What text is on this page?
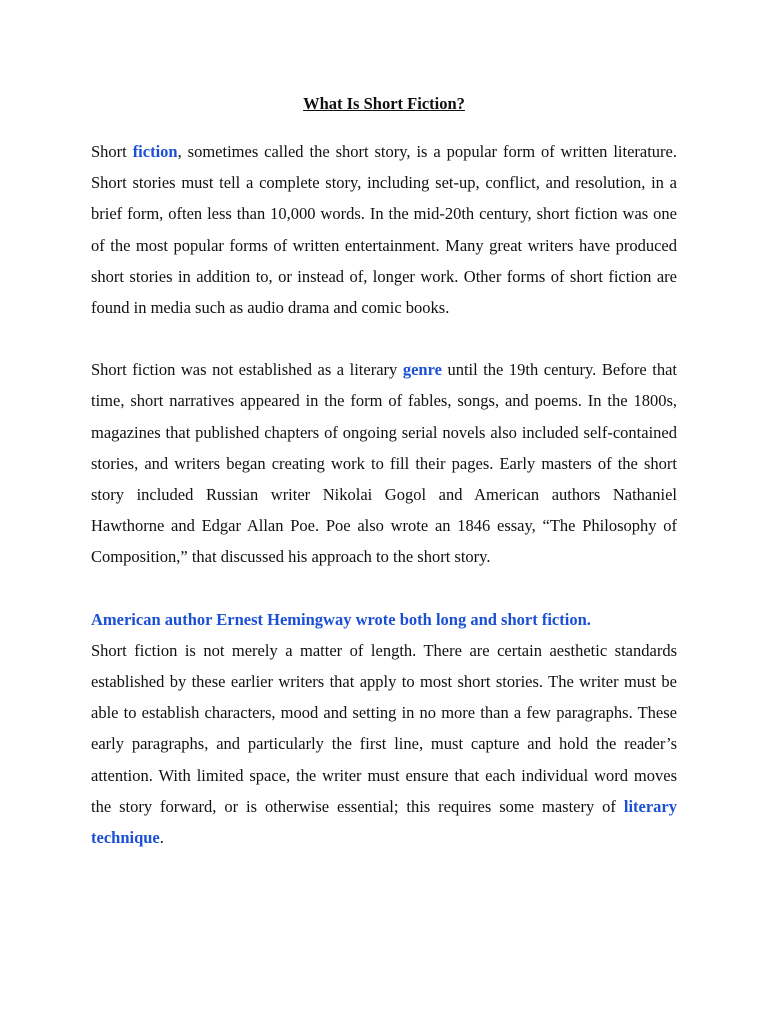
What Is Short Fiction?

Short fiction, sometimes called the short story, is a popular form of written literature. Short stories must tell a complete story, including set-up, conflict, and resolution, in a brief form, often less than 10,000 words. In the mid-20th century, short fiction was one of the most popular forms of written entertainment. Many great writers have produced short stories in addition to, or instead of, longer work. Other forms of short fiction are found in media such as audio drama and comic books.

Short fiction was not established as a literary genre until the 19th century. Before that time, short narratives appeared in the form of fables, songs, and poems. In the 1800s, magazines that published chapters of ongoing serial novels also included self-contained stories, and writers began creating work to fill their pages. Early masters of the short story included Russian writer Nikolai Gogol and American authors Nathaniel Hawthorne and Edgar Allan Poe. Poe also wrote an 1846 essay, “The Philosophy of Composition,” that discussed his approach to the short story.

American author Ernest Hemingway wrote both long and short fiction.

Short fiction is not merely a matter of length. There are certain aesthetic standards established by these earlier writers that apply to most short stories. The writer must be able to establish characters, mood and setting in no more than a few paragraphs. These early paragraphs, and particularly the first line, must capture and hold the reader’s attention. With limited space, the writer must ensure that each individual word moves the story forward, or is otherwise essential; this requires some mastery of literary technique.
